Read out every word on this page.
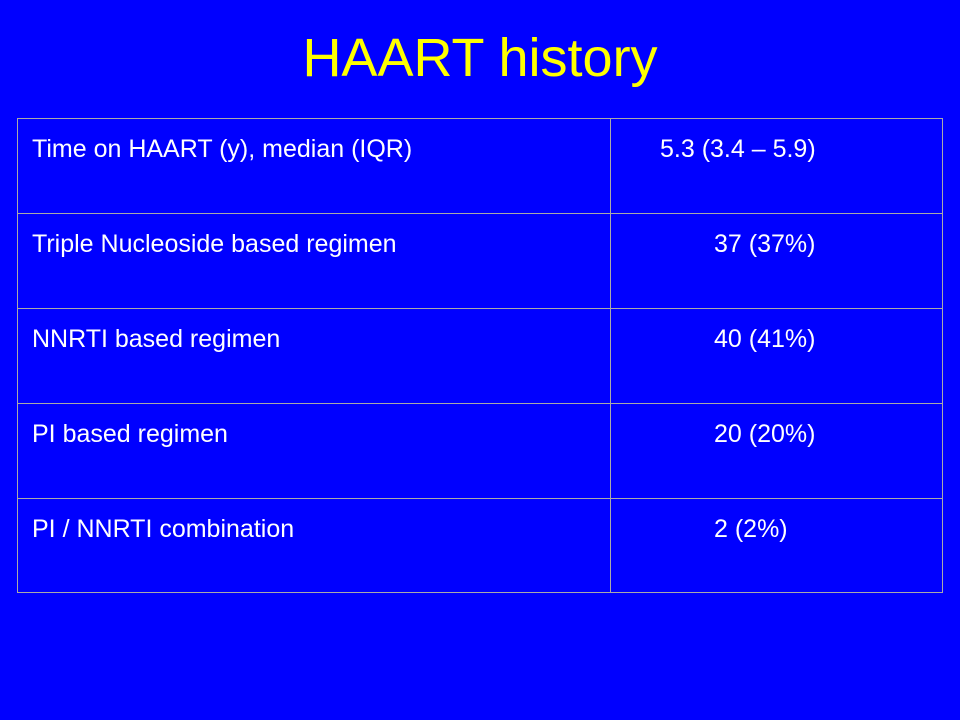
HAART history
Time on HAART (y), median (IQR)	5.3 (3.4 – 5.9)

Triple Nucleoside based regimen	37 (37%)

NNRTI based regimen	40 (41%)

PI based regimen	20 (20%)

PI / NNRTI combination	2 (2%)
